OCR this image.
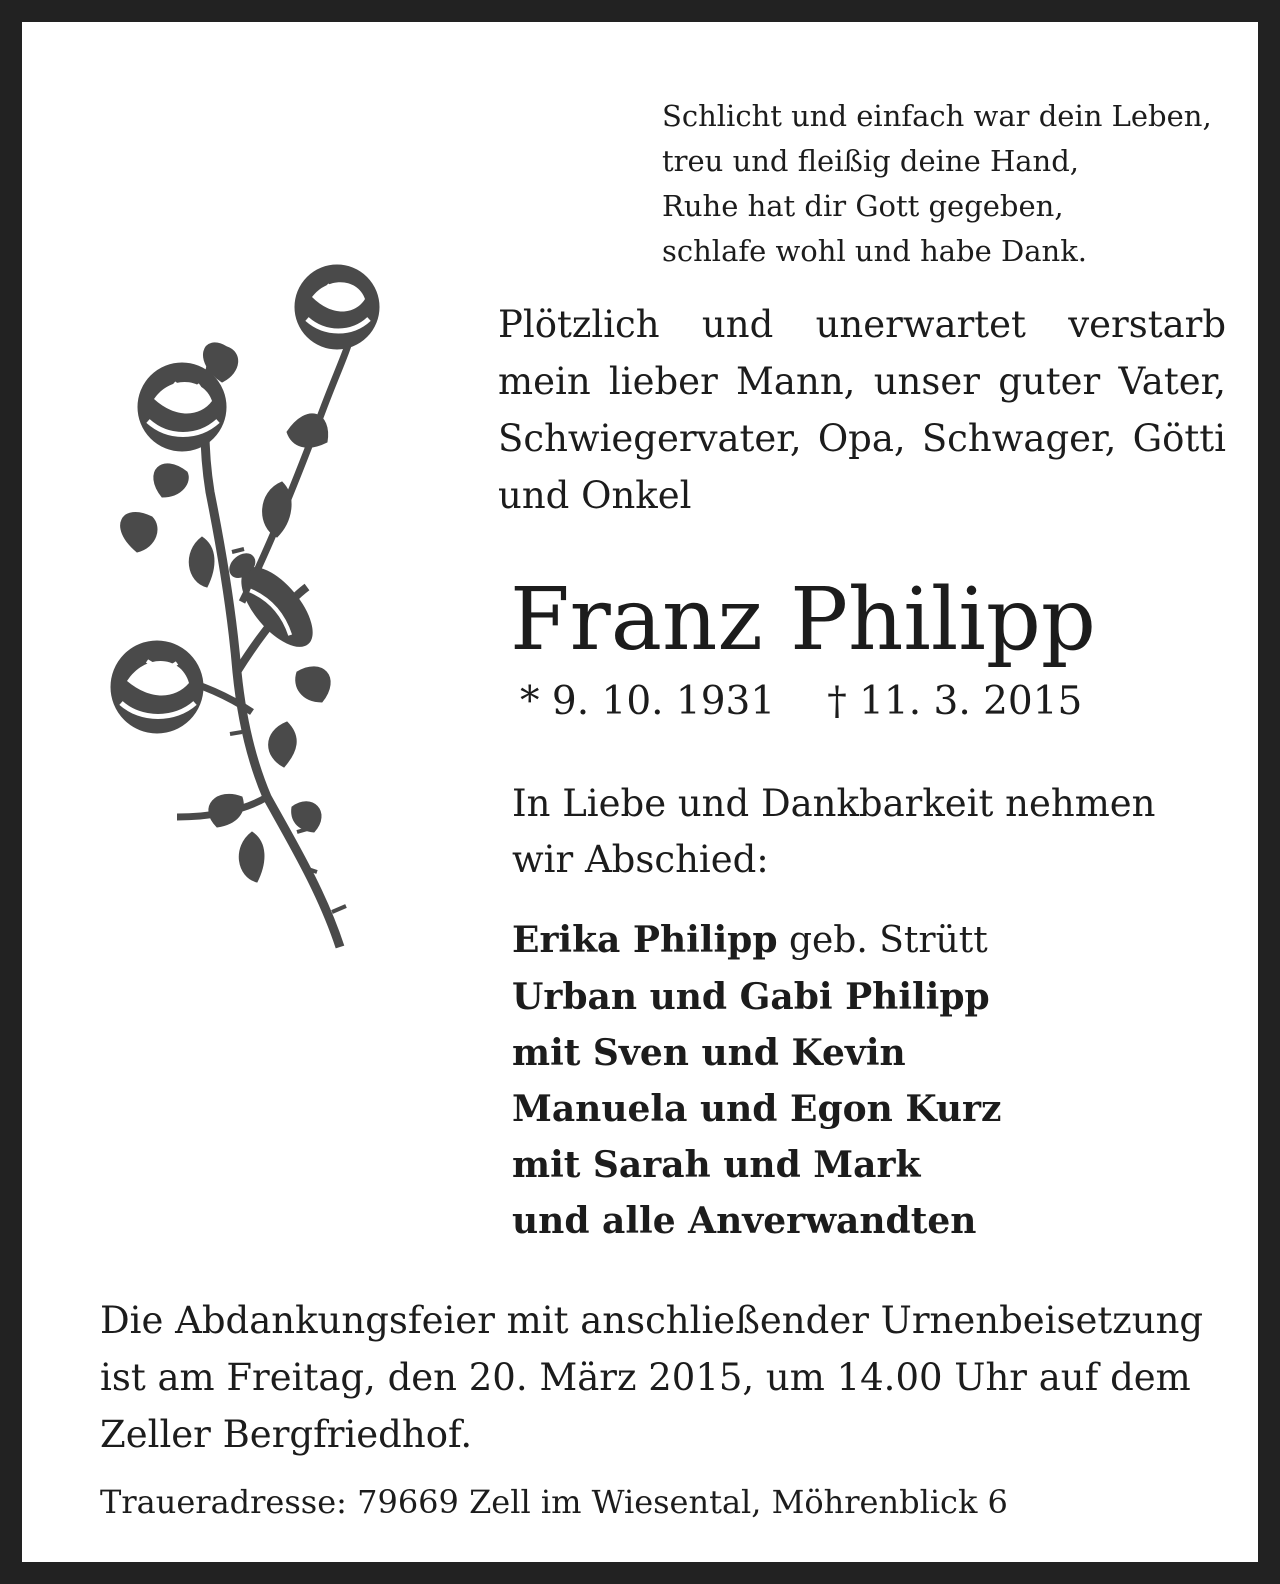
Schlicht und einfach war dein Leben,
treu und fleißig deine Hand,
Ruhe hat dir Gott gegeben,
schlafe wohl und habe Dank.
Plötzlich und unerwartet verstarb
mein lieber Mann, unser guter Vater,
Schwiegervater, Opa, Schwager, Götti
und Onkel
Franz Philipp
* 9. 10. 1931 † 11. 3. 2015
In Liebe und Dankbarkeit nehmen
wir Abschied:
Erika Philipp geb. Strütt
Urban und Gabi Philipp
mit Sven und Kevin
Manuela und Egon Kurz
mit Sarah und Mark
und alle Anverwandten
Die Abdankungsfeier mit anschließender Urnenbeisetzung
ist am Freitag, den 20. März 2015, um 14.00 Uhr auf dem
Zeller Bergfriedhof.
Traueradresse: 79669 Zell im Wiesental, Möhrenblick 6
